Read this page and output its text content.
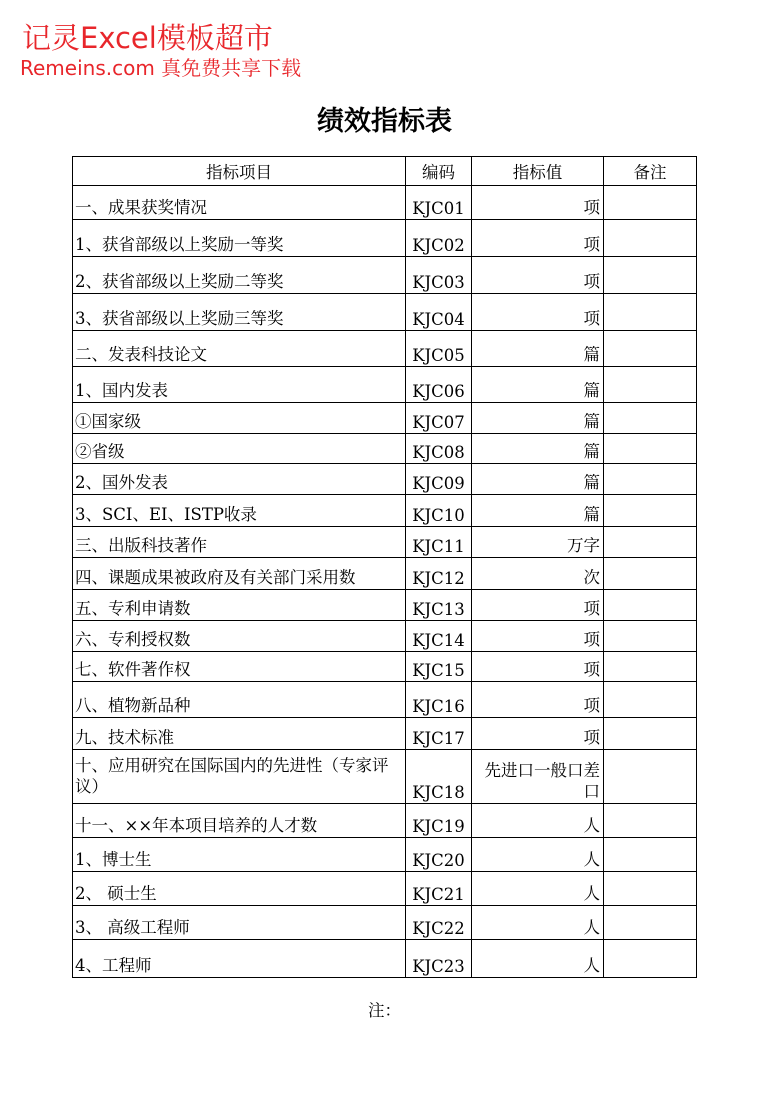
记灵Excel模板超市
Remeins.com 真免费共享下载
绩效指标表
指标项目	编码	指标值	备注
一、成果获奖情况	KJC01	项	
1、获省部级以上奖励一等奖	KJC02	项	
2、获省部级以上奖励二等奖	KJC03	项	
3、获省部级以上奖励三等奖	KJC04	项	
二、发表科技论文	KJC05	篇	
1、国内发表	KJC06	篇	
①国家级	KJC07	篇	
②省级	KJC08	篇	
2、国外发表	KJC09	篇	
3、SCI、EI、ISTP收录	KJC10	篇	
三、出版科技著作	KJC11	万字	
四、课题成果被政府及有关部门采用数	KJC12	次	
五、专利申请数	KJC13	项	
六、专利授权数	KJC14	项	
七、软件著作权	KJC15	项	
八、植物新品种	KJC16	项	
九、技术标准	KJC17	项	
十、应用研究在国际国内的先进性（专家评议）	KJC18	先进口一般口差口	
十一、××年本项目培养的人才数	KJC19	人	
1、博士生	KJC20	人	
2、 硕士生	KJC21	人	
3、 高级工程师	KJC22	人	
4、工程师	KJC23	人	
注：
